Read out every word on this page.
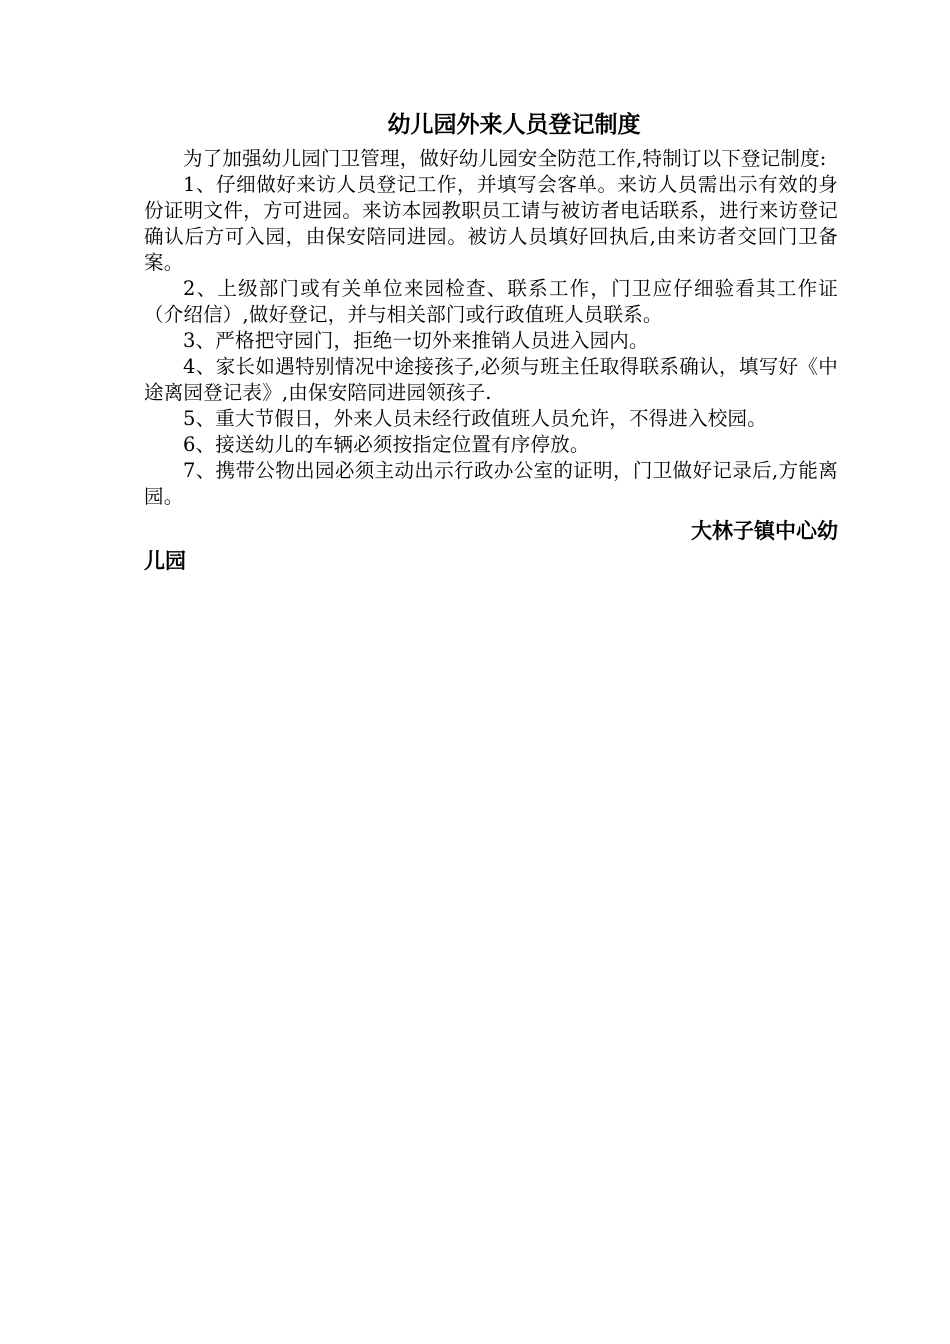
幼儿园外来人员登记制度

为了加强幼儿园门卫管理，做好幼儿园安全防范工作,特制订以下登记制度:

1、仔细做好来访人员登记工作，并填写会客单。来访人员需出示有效的身份证明文件，方可进园。来访本园教职员工请与被访者电话联系，进行来访登记确认后方可入园，由保安陪同进园。被访人员填好回执后,由来访者交回门卫备案。

2、上级部门或有关单位来园检查、联系工作，门卫应仔细验看其工作证（介绍信）,做好登记，并与相关部门或行政值班人员联系。

3、严格把守园门，拒绝一切外来推销人员进入园内。

4、家长如遇特别情况中途接孩子,必须与班主任取得联系确认，填写好《中途离园登记表》,由保安陪同进园领孩子.

5、重大节假日，外来人员未经行政值班人员允许，不得进入校园。

6、接送幼儿的车辆必须按指定位置有序停放。

7、携带公物出园必须主动出示行政办公室的证明，门卫做好记录后,方能离园。

大林子镇中心幼
儿园
